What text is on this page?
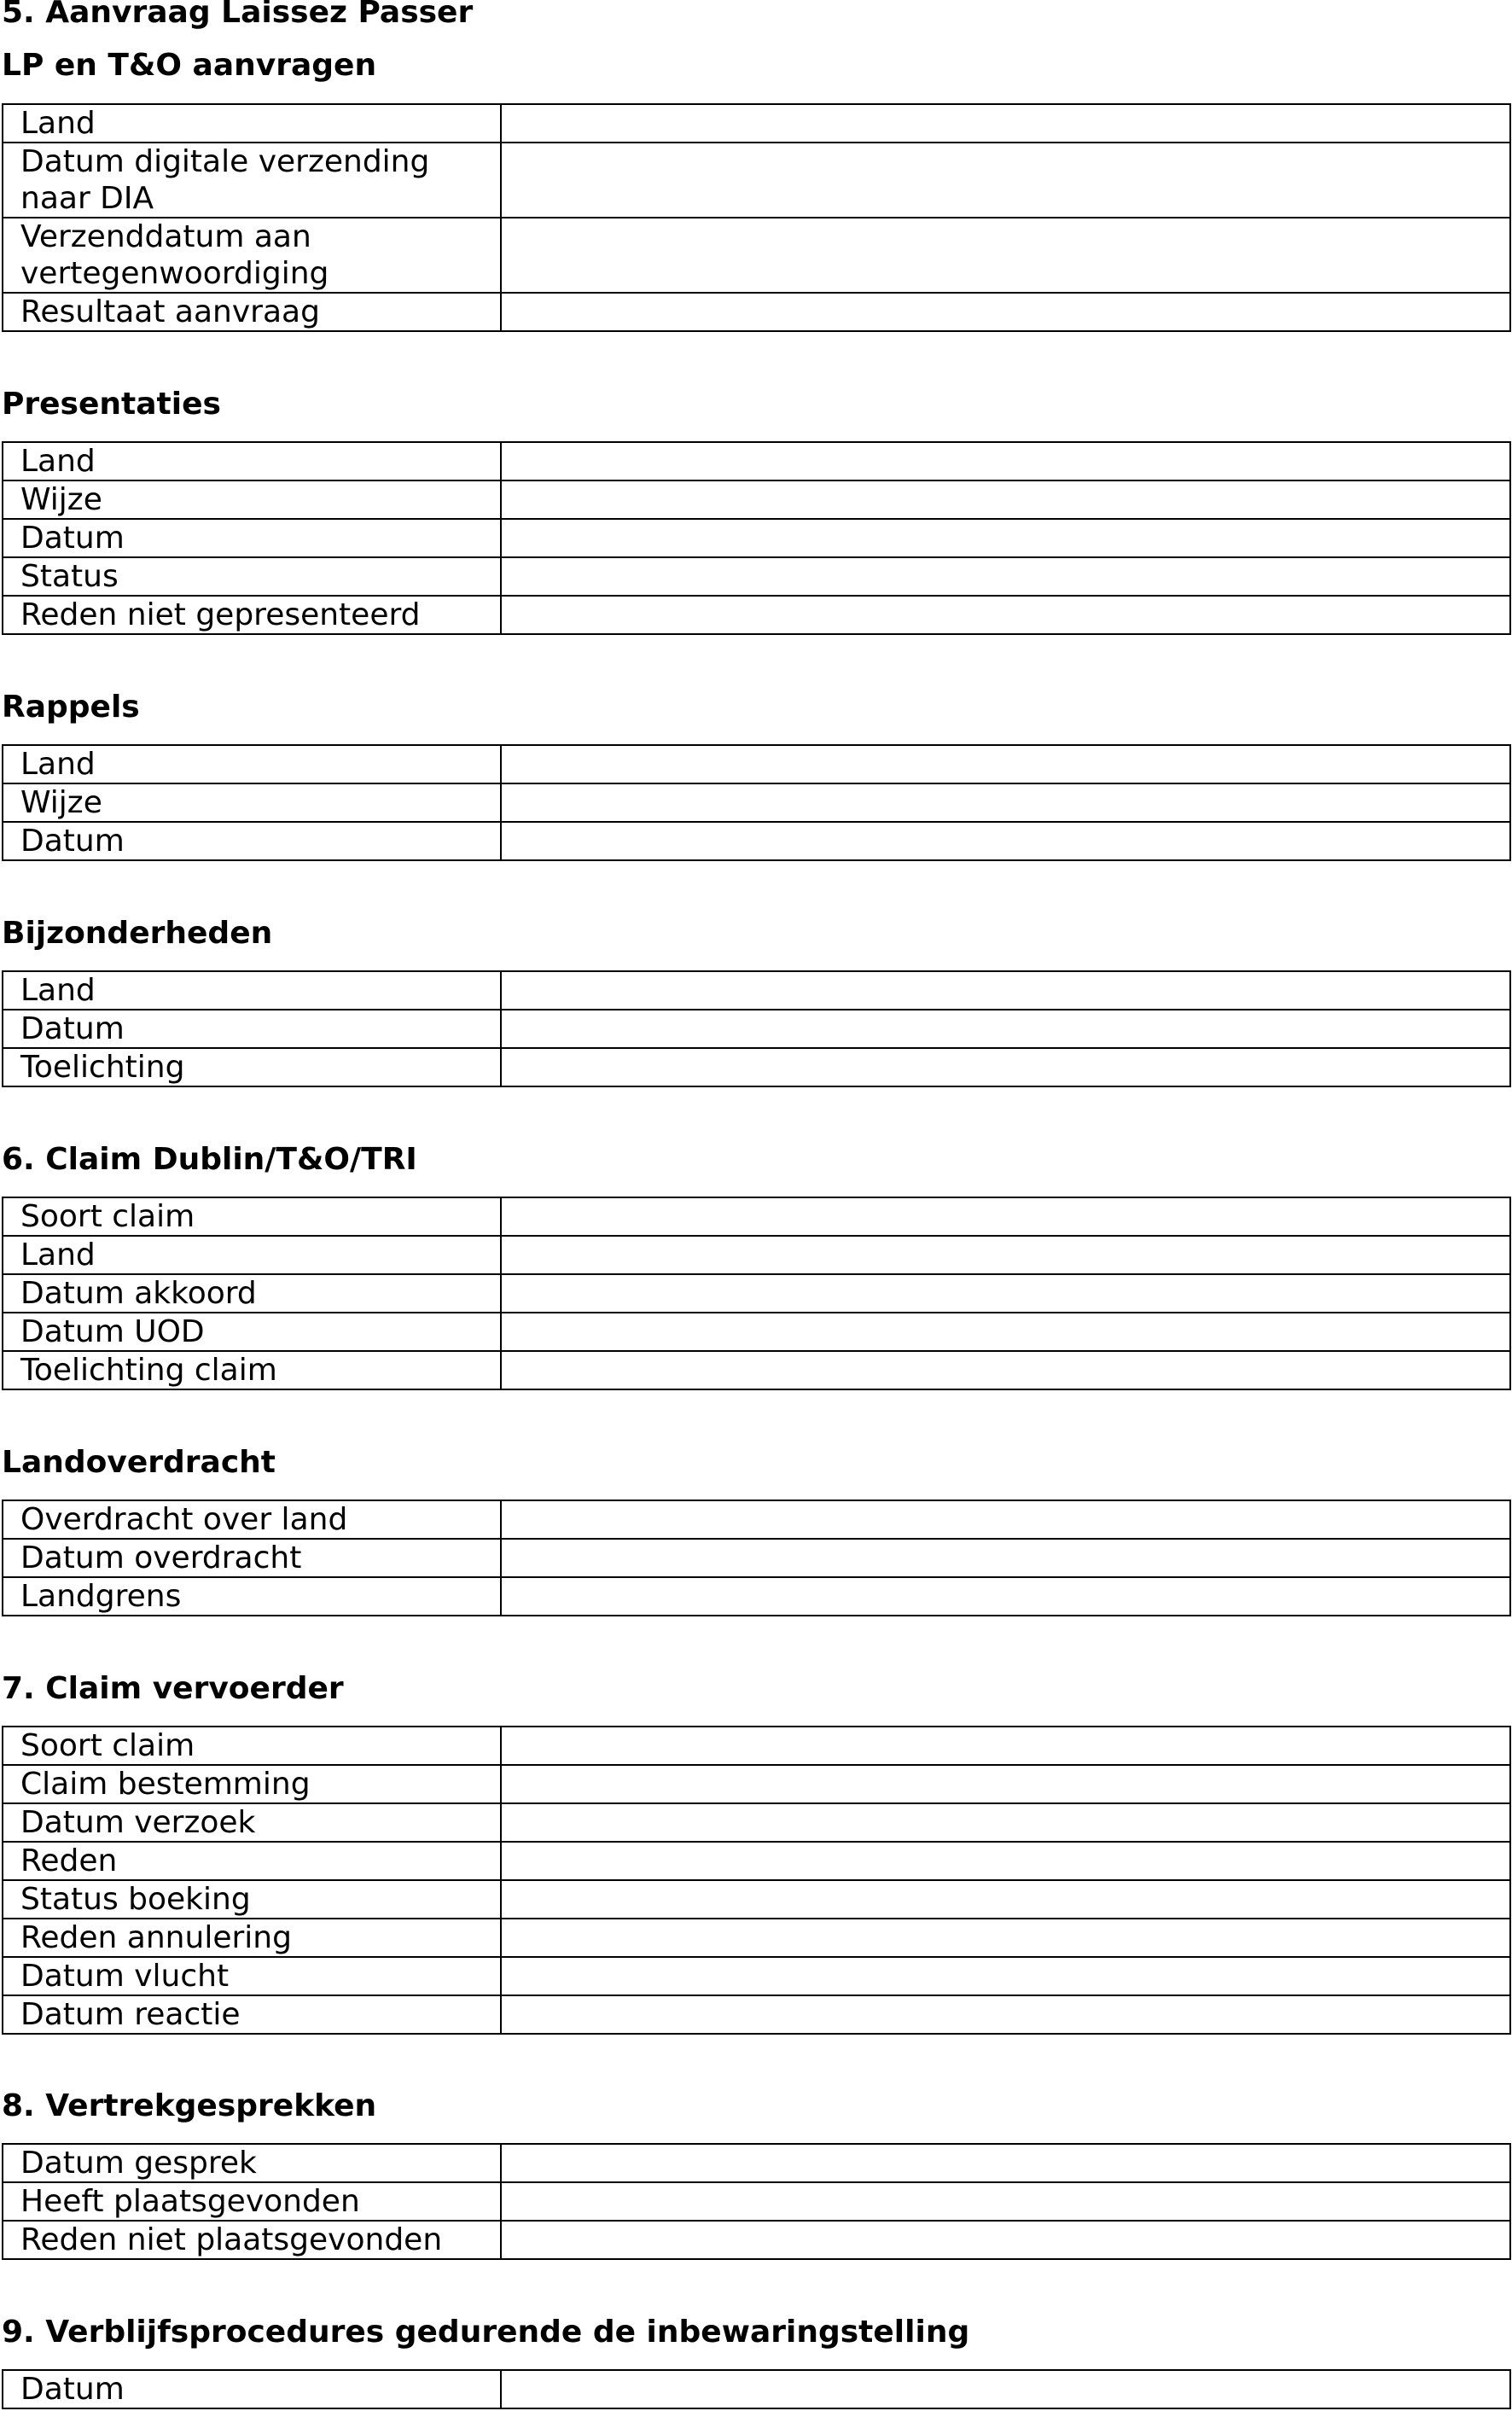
5. Aanvraag Laissez Passer
LP en T&O aanvragen
Land	
Datum digitale verzending naar DIA	
Verzenddatum aan vertegenwoordiging	
Resultaat aanvraag	
Presentaties
Land	
Wijze	
Datum	
Status	
Reden niet gepresenteerd	
Rappels
Land	
Wijze	
Datum	
Bijzonderheden
Land	
Datum	
Toelichting	
6. Claim Dublin/T&O/TRI
Soort claim	
Land	
Datum akkoord	
Datum UOD	
Toelichting claim	
Landoverdracht
Overdracht over land	
Datum overdracht	
Landgrens	
7. Claim vervoerder
Soort claim	
Claim bestemming	
Datum verzoek	
Reden	
Status boeking	
Reden annulering	
Datum vlucht	
Datum reactie	
8. Vertrekgesprekken
Datum gesprek	
Heeft plaatsgevonden	
Reden niet plaatsgevonden	
9. Verblijfsprocedures gedurende de inbewaringstelling
Datum	
